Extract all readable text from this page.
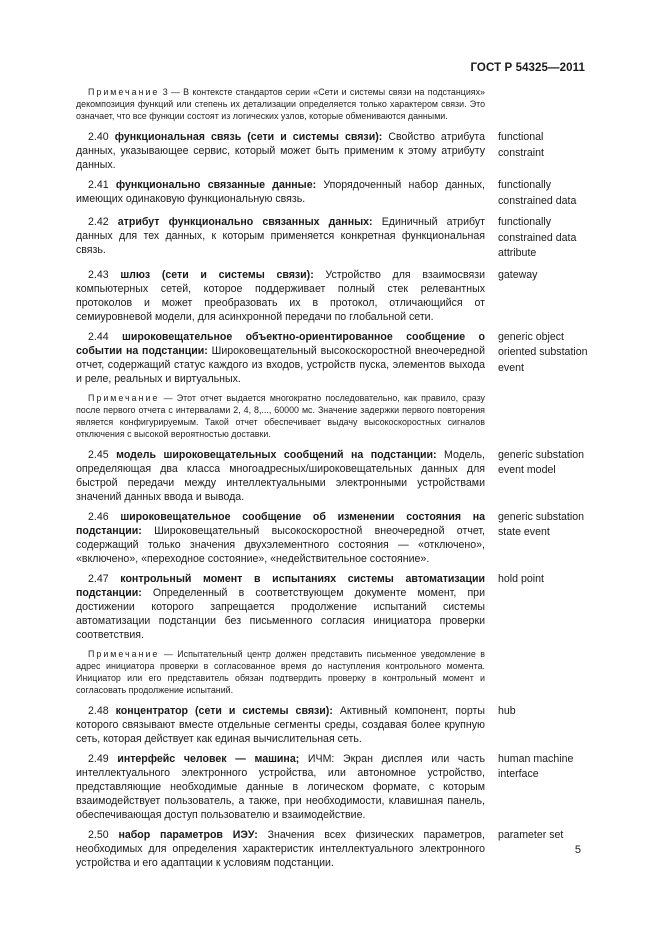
ГОСТ Р 54325—2011

Примечание 3 — В контексте стандартов серии «Сети и системы связи на подстанциях» декомпозиция функций или степень их детализации определяется только характером связи. Это означает, что все функции состоят из логических узлов, которые обмениваются данными.

2.40 функциональная связь (сети и системы связи): Свойство атрибута данных, указывающее сервис, который может быть применим к этому атрибуту данных.
functional constraint
2.41 функционально связанные данные: Упорядоченный набор данных, имеющих одинаковую функциональную связь.
functionally constrained data
2.42 атрибут функционально связанных данных: Единичный атрибут данных для тех данных, к которым применяется конкретная функциональная связь.
functionally constrained data attribute
2.43 шлюз (сети и системы связи): Устройство для взаимосвязи компьютерных сетей, которое поддерживает полный стек релевантных протоколов и может преобразовать их в протокол, отличающийся от семиуровневой модели, для асинхронной передачи по глобальной сети.
gateway
2.44 широковещательное объектно-ориентированное сообщение о событии на подстанции: Широковещательный высокоскоростной внеочередной отчет, содержащий статус каждого из входов, устройств пуска, элементов выхода и реле, реальных и виртуальных.
generic object oriented substation event

Примечание — Этот отчет выдается многократно последовательно, как правило, сразу после первого отчета с интервалами 2, 4, 8,..., 60000 мс. Значение задержки первого повторения является конфигурируемым. Такой отчет обеспечивает выдачу высокоскоростных сигналов отключения с высокой вероятностью доставки.

2.45 модель широковещательных сообщений на подстанции: Модель, определяющая два класса многоадресных/широковещательных данных для быстрой передачи между интеллектуальными электронными устройствами значений данных ввода и вывода.
generic substation event model
2.46 широковещательное сообщение об изменении состояния на подстанции: Широковещательный высокоскоростной внеочередной отчет, содержащий только значения двухэлементного состояния — «отключено», «включено», «переходное состояние», «недействительное состояние».
generic substation state event
2.47 контрольный момент в испытаниях системы автоматизации подстанции: Определенный в соответствующем документе момент, при достижении которого запрещается продолжение испытаний системы автоматизации подстанции без письменного согласия инициатора проверки соответствия.
hold point

Примечание — Испытательный центр должен представить письменное уведомление в адрес инициатора проверки в согласованное время до наступления контрольного момента. Инициатор или его представитель обязан подтвердить проверку в контрольный момент и согласовать продолжение испытаний.

2.48 концентратор (сети и системы связи): Активный компонент, порты которого связывают вместе отдельные сегменты среды, создавая более крупную сеть, которая действует как единая вычислительная сеть.
hub
2.49 интерфейс человек — машина; ИЧМ: Экран дисплея или часть интеллектуального электронного устройства, или автономное устройство, представляющие необходимые данные в логическом формате, с которым взаимодействует пользователь, а также, при необходимости, клавишная панель, обеспечивающая доступ пользователю и взаимодействие.
human machine interface
2.50 набор параметров ИЭУ: Значения всех физических параметров, необходимых для определения характеристик интеллектуального электронного устройства и его адаптации к условиям подстанции.
parameter set
5
